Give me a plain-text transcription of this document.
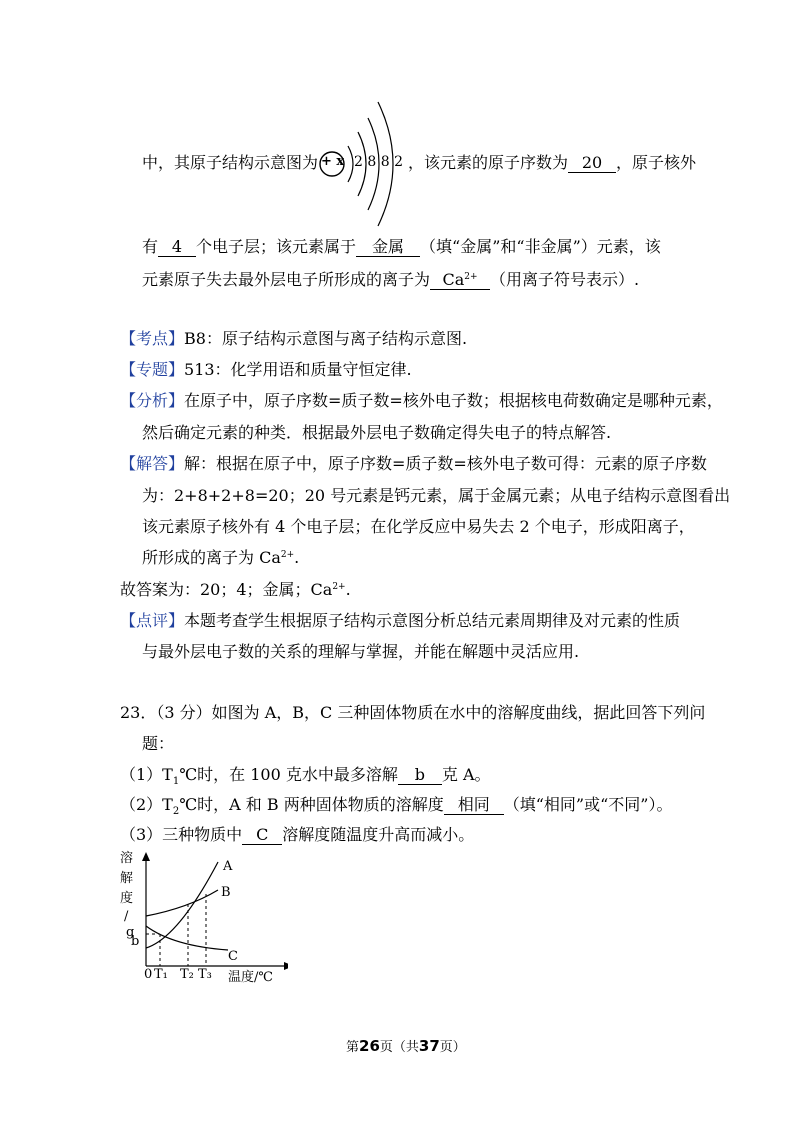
中，其原子结构示意图为 + x 2 8 8 2 ，该元素的原子序数为 20 ，原子核外
有 4 个电子层；该元素属于 金属 （填“金属”和“非金属”）元素，该
元素原子失去最外层电子所形成的离子为 $Ca^{2+}$ （用离子符号表示）.
【考点】B8：原子结构示意图与离子结构示意图.
【专题】513：化学用语和质量守恒定律.
【分析】在原子中，原子序数=质子数=核外电子数；根据核电荷数确定是哪种元素，
然后确定元素的种类．根据最外层电子数确定得失电子的特点解答.
【解答】解：根据在原子中，原子序数=质子数=核外电子数可得：元素的原子序数
为：2+8+2+8=20；20 号元素是钙元素，属于金属元素；从电子结构示意图看出
该元素原子核外有 4 个电子层；在化学反应中易失去 2 个电子，形成阳离子，
所形成的离子为 $Ca^{2+}$.
故答案为：20；4；金属；$Ca^{2+}$.
【点评】本题考查学生根据原子结构示意图分析总结元素周期律及对元素的性质
与最外层电子数的关系的理解与掌握，并能在解题中灵活应用.
23．（3 分）如图为 A，B，C 三种固体物质在水中的溶解度曲线，据此回答下列问
题：
$(1)T_1℃$时，在 100 克水中最多溶解 b 克 A。
$(2)T_2℃$时，A 和 B 两种固体物质的溶解度 相同 （填“相同”或“不同”）。
（3）三种物质中 C 溶解度随温度升高而减小。
溶
解
度
/
g
b
0 T₁ T₂ T₃ 温度/℃
A
B
C
第26页（共37页）
